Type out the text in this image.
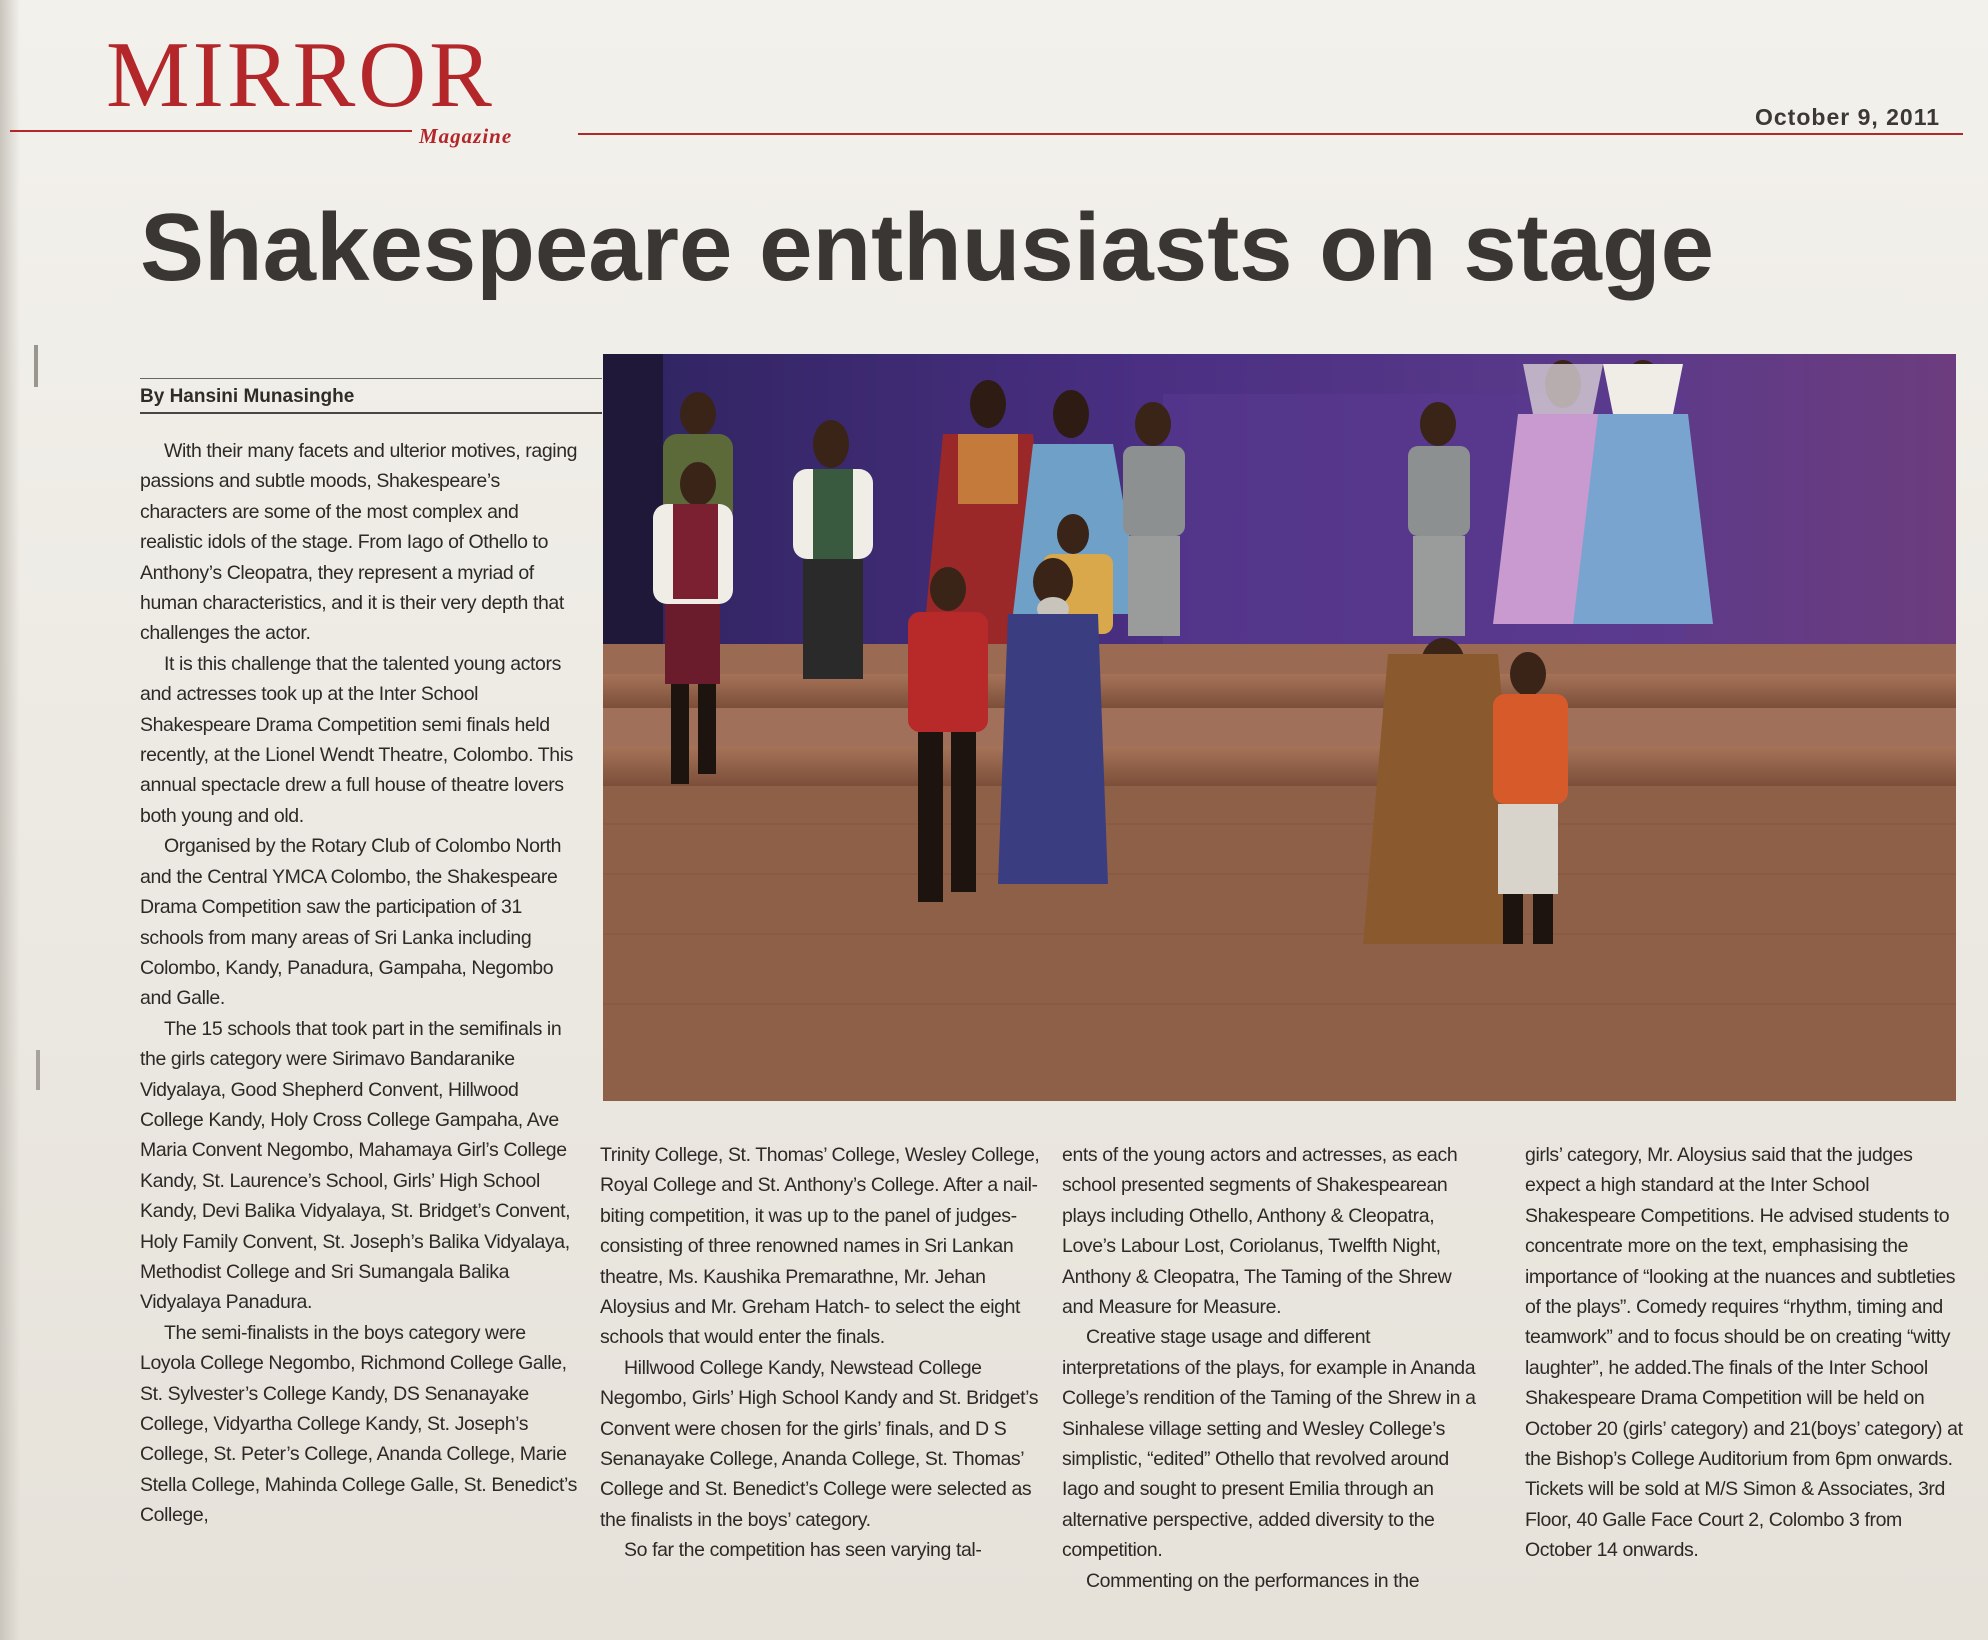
MIRROR
Magazine
October 9, 2011
Shakespeare enthusiasts on stage
By Hansini Munasinghe

With their many facets and ulterior motives, raging passions and subtle moods, Shakespeare’s characters are some of the most complex and realistic idols of the stage. From Iago of Othello to Anthony’s Cleopatra, they represent a myriad of human characteristics, and it is their very depth that challenges the actor.

It is this challenge that the talented young actors and actresses took up at the Inter School Shakespeare Drama Competition semi finals held recently, at the Lionel Wendt Theatre, Colombo. This annual spectacle drew a full house of theatre lovers both young and old.

Organised by the Rotary Club of Colombo North and the Central YMCA Colombo, the Shakespeare Drama Competition saw the participation of 31 schools from many areas of Sri Lanka including Colombo, Kandy, Panadura, Gampaha, Negombo and Galle.

The 15 schools that took part in the semifinals in the girls category were Sirimavo Bandaranike Vidyalaya, Good Shepherd Convent, Hillwood College Kandy, Holy Cross College Gampaha, Ave Maria Convent Negombo, Mahamaya Girl’s College Kandy, St. Laurence’s School, Girls’ High School Kandy, Devi Balika Vidyalaya, St. Bridget’s Convent, Holy Family Convent, St. Joseph’s Balika Vidyalaya, Methodist College and Sri Sumangala Balika Vidyalaya Panadura.

The semi-finalists in the boys category were Loyola College Negombo, Richmond College Galle, St. Sylvester’s College Kandy, DS Senanayake College, Vidyartha College Kandy, St. Joseph’s College, St. Peter’s College, Ananda College, Marie Stella College, Mahinda College Galle, St. Benedict’s College,

Trinity College, St. Thomas’ College, Wesley College, Royal College and St. Anthony’s College. After a nail-biting competition, it was up to the panel of judges- consisting of three renowned names in Sri Lankan theatre, Ms. Kaushika Premarathne, Mr. Jehan Aloysius and Mr. Greham Hatch- to select the eight schools that would enter the finals.

Hillwood College Kandy, Newstead College Negombo, Girls’ High School Kandy and St. Bridget’s Convent were chosen for the girls’ finals, and D S Senanayake College, Ananda College, St. Thomas’ College and St. Benedict’s College were selected as the finalists in the boys’ category.

So far the competition has seen varying tal-

ents of the young actors and actresses, as each school presented segments of Shakespearean plays including Othello, Anthony & Cleopatra, Love’s Labour Lost, Coriolanus, Twelfth Night, Anthony & Cleopatra, The Taming of the Shrew and Measure for Measure.

Creative stage usage and different interpretations of the plays, for example in Ananda College’s rendition of the Taming of the Shrew in a Sinhalese village setting and Wesley College’s simplistic, “edited” Othello that revolved around Iago and sought to present Emilia through an alternative perspective, added diversity to the competition.

Commenting on the performances in the

girls’ category, Mr. Aloysius said that the judges expect a high standard at the Inter School Shakespeare Competitions. He advised students to concentrate more on the text, emphasising the importance of “looking at the nuances and subtleties of the plays”. Comedy requires “rhythm, timing and teamwork” and to focus should be on creating “witty laughter”, he added.The finals of the Inter School Shakespeare Drama Competition will be held on October 20 (girls’ category) and 21(boys’ category) at the Bishop’s College Auditorium from 6pm onwards. Tickets will be sold at M/S Simon & Associates, 3rd Floor, 40 Galle Face Court 2, Colombo 3 from October 14 onwards.
